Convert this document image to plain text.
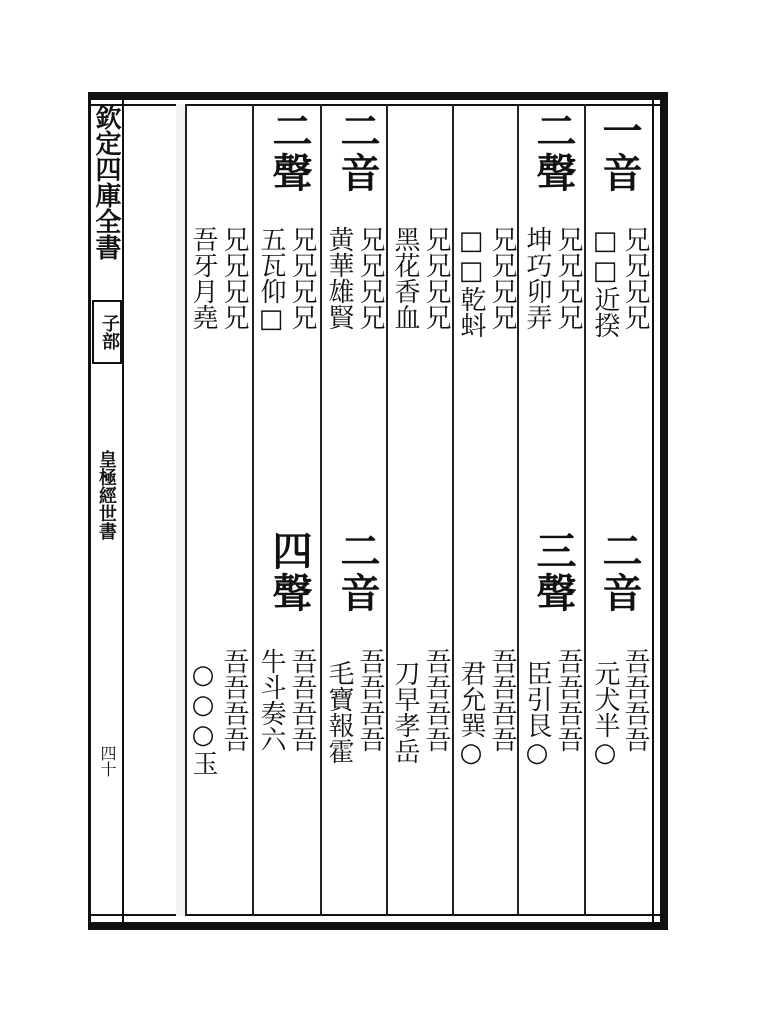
欽定四庫全書
子部
皇極經世書
四十
一音
□□近揆 兄兄兄兄
二聲
坤巧卯弄 兄兄兄兄
□□乾蚪 兄兄兄兄
黑花香血 兄兄兄兄
二音
黄華雄賢 兄兄兄兄
二聲
五瓦仰□ 兄兄兄兄
吾牙月堯 兄兄兄兄
二音
吾吾吾吾
元犬半○
三聲
吾吾吾吾
臣引艮○
吾吾吾吾
君允巽○
吾吾吾吾
刀早孝岳
二音
吾吾吾吾
毛寶報霍
四聲
吾吾吾吾
牛斗奏六
吾吾吾吾
○○○玉
